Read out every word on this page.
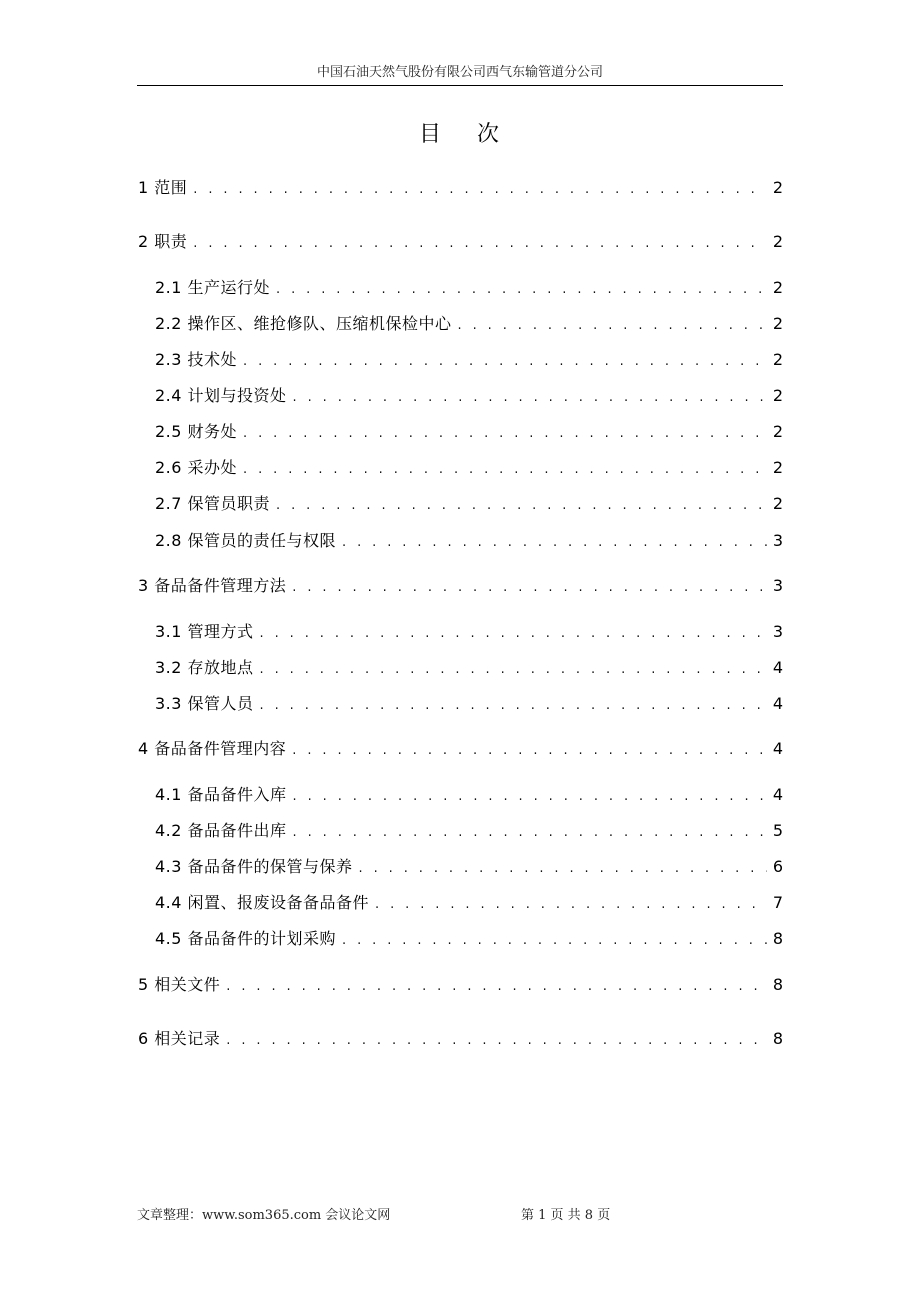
中国石油天然气股份有限公司西气东输管道分公司
目 次
1 范围 . . .	2
2 职责 . . .	2
2.1 生产运行处 . . .	2
2.2 操作区、维抢修队、压缩机保检中心 . . .	2
2.3 技术处 . . .	2
2.4 计划与投资处 . . .	2
2.5 财务处 . . .	2
2.6 采办处 . . .	2
2.7 保管员职责 . . .	2
2.8 保管员的责任与权限 . . .	3
3 备品备件管理方法 . . .	3
3.1 管理方式 . . .	3
3.2 存放地点 . . .	4
3.3 保管人员 . . .	4
4 备品备件管理内容 . . .	4
4.1 备品备件入库 . . .	4
4.2 备品备件出库 . . .	5
4.3 备品备件的保管与保养 . . .	6
4.4 闲置、报废设备备品备件 . . .	7
4.5 备品备件的计划采购 . . .	8
5 相关文件 . . .	8
6 相关记录 . . .	8
文章整理：www.som365.com 会议论文网	第 1 页 共 8 页
